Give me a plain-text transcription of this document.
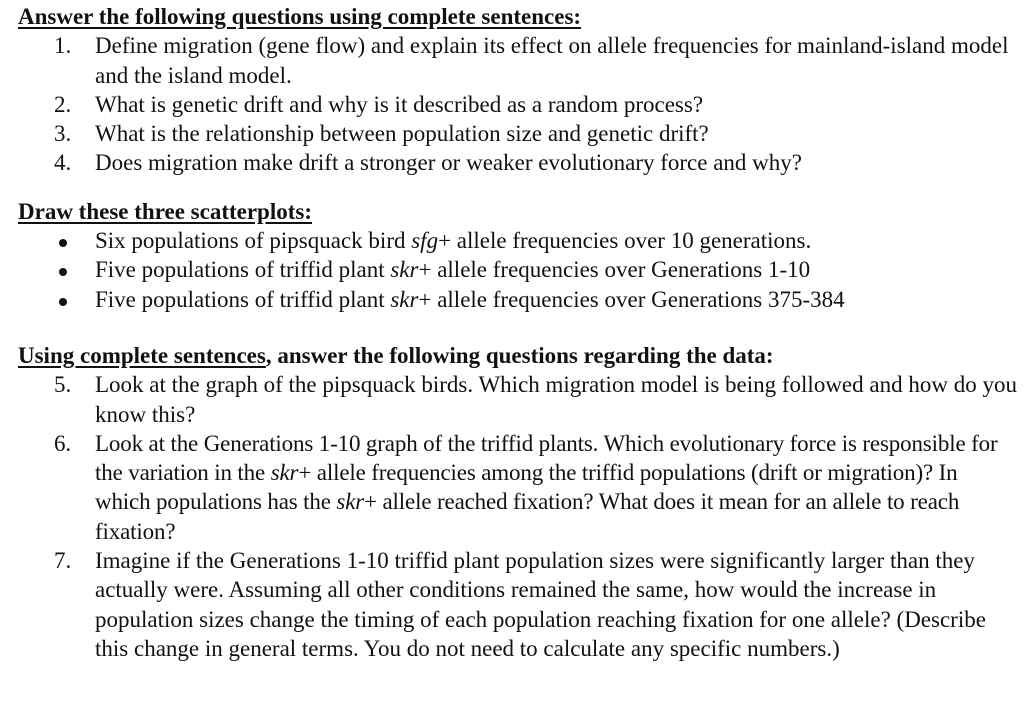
Answer the following questions using complete sentences:

1. Define migration (gene flow) and explain its effect on allele frequencies for mainland-island model and the island model.
2. What is genetic drift and why is it described as a random process?
3. What is the relationship between population size and genetic drift?
4. Does migration make drift a stronger or weaker evolutionary force and why?

Draw these three scatterplots:

Six populations of pipsquack bird sfg+ allele frequencies over 10 generations.
Five populations of triffid plant skr+ allele frequencies over Generations 1-10
Five populations of triffid plant skr+ allele frequencies over Generations 375-384

Using complete sentences, answer the following questions regarding the data:

5. Look at the graph of the pipsquack birds. Which migration model is being followed and how do you know this?
6. Look at the Generations 1-10 graph of the triffid plants. Which evolutionary force is responsible for the variation in the skr+ allele frequencies among the triffid populations (drift or migration)? In which populations has the skr+ allele reached fixation? What does it mean for an allele to reach fixation?
7. Imagine if the Generations 1-10 triffid plant population sizes were significantly larger than they actually were. Assuming all other conditions remained the same, how would the increase in population sizes change the timing of each population reaching fixation for one allele? (Describe this change in general terms. You do not need to calculate any specific numbers.)
